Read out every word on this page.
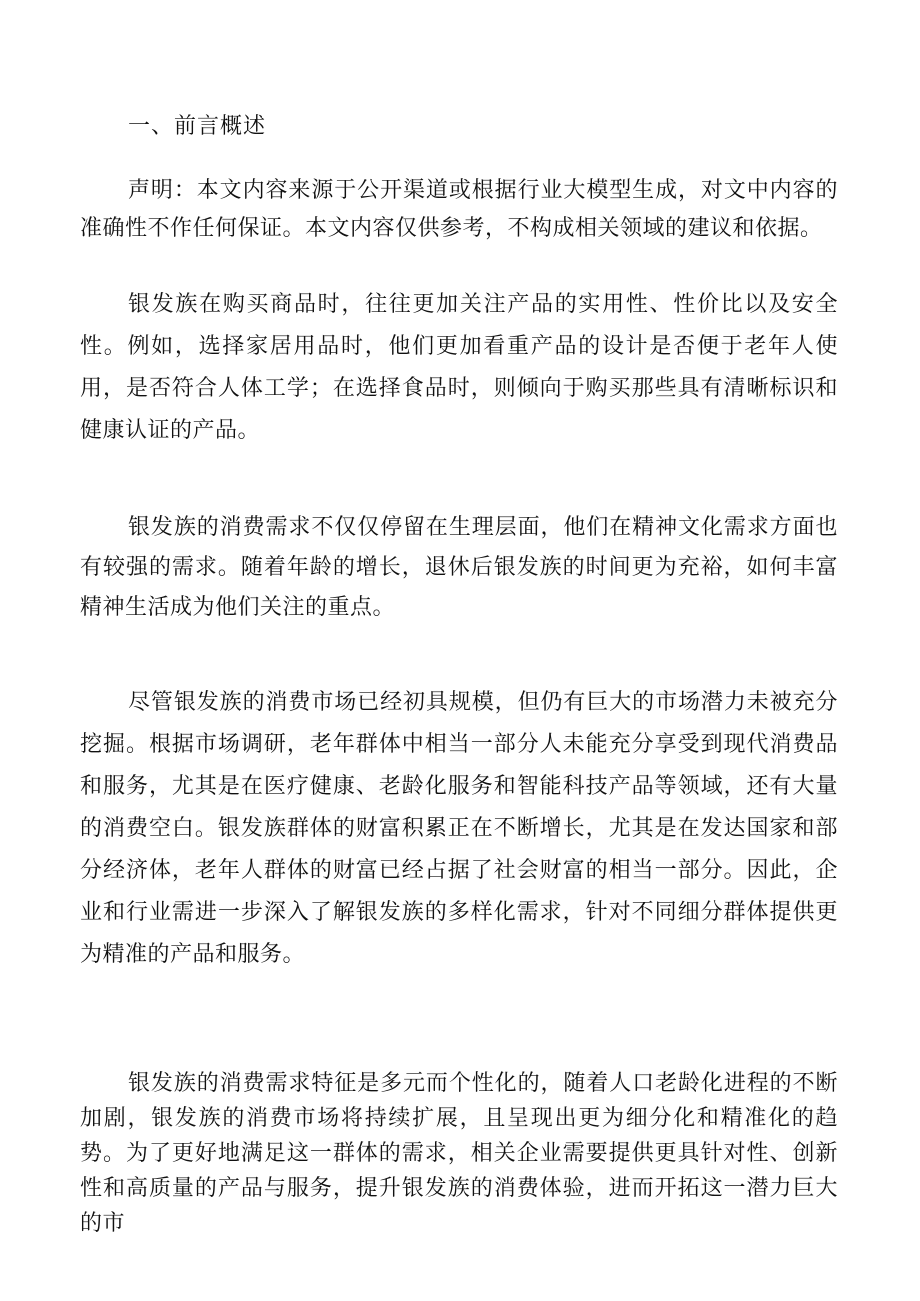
一、前言概述

声明：本文内容来源于公开渠道或根据行业大模型生成，对文中内容的准确性不作任何保证。本文内容仅供参考，不构成相关领域的建议和依据。

银发族在购买商品时，往往更加关注产品的实用性、性价比以及安全性。例如，选择家居用品时，他们更加看重产品的设计是否便于老年人使用，是否符合人体工学；在选择食品时，则倾向于购买那些具有清晰标识和健康认证的产品。

银发族的消费需求不仅仅停留在生理层面，他们在精神文化需求方面也有较强的需求。随着年龄的增长，退休后银发族的时间更为充裕，如何丰富精神生活成为他们关注的重点。

尽管银发族的消费市场已经初具规模，但仍有巨大的市场潜力未被充分挖掘。根据市场调研，老年群体中相当一部分人未能充分享受到现代消费品和服务，尤其是在医疗健康、老龄化服务和智能科技产品等领域，还有大量的消费空白。银发族群体的财富积累正在不断增长，尤其是在发达国家和部分经济体，老年人群体的财富已经占据了社会财富的相当一部分。因此，企业和行业需进一步深入了解银发族的多样化需求，针对不同细分群体提供更为精准的产品和服务。

银发族的消费需求特征是多元而个性化的，随着人口老龄化进程的不断加剧，银发族的消费市场将持续扩展，且呈现出更为细分化和精准化的趋势。为了更好地满足这一群体的需求，相关企业需要提供更具针对性、创新性和高质量的产品与服务，提升银发族的消费体验，进而开拓这一潜力巨大的市
